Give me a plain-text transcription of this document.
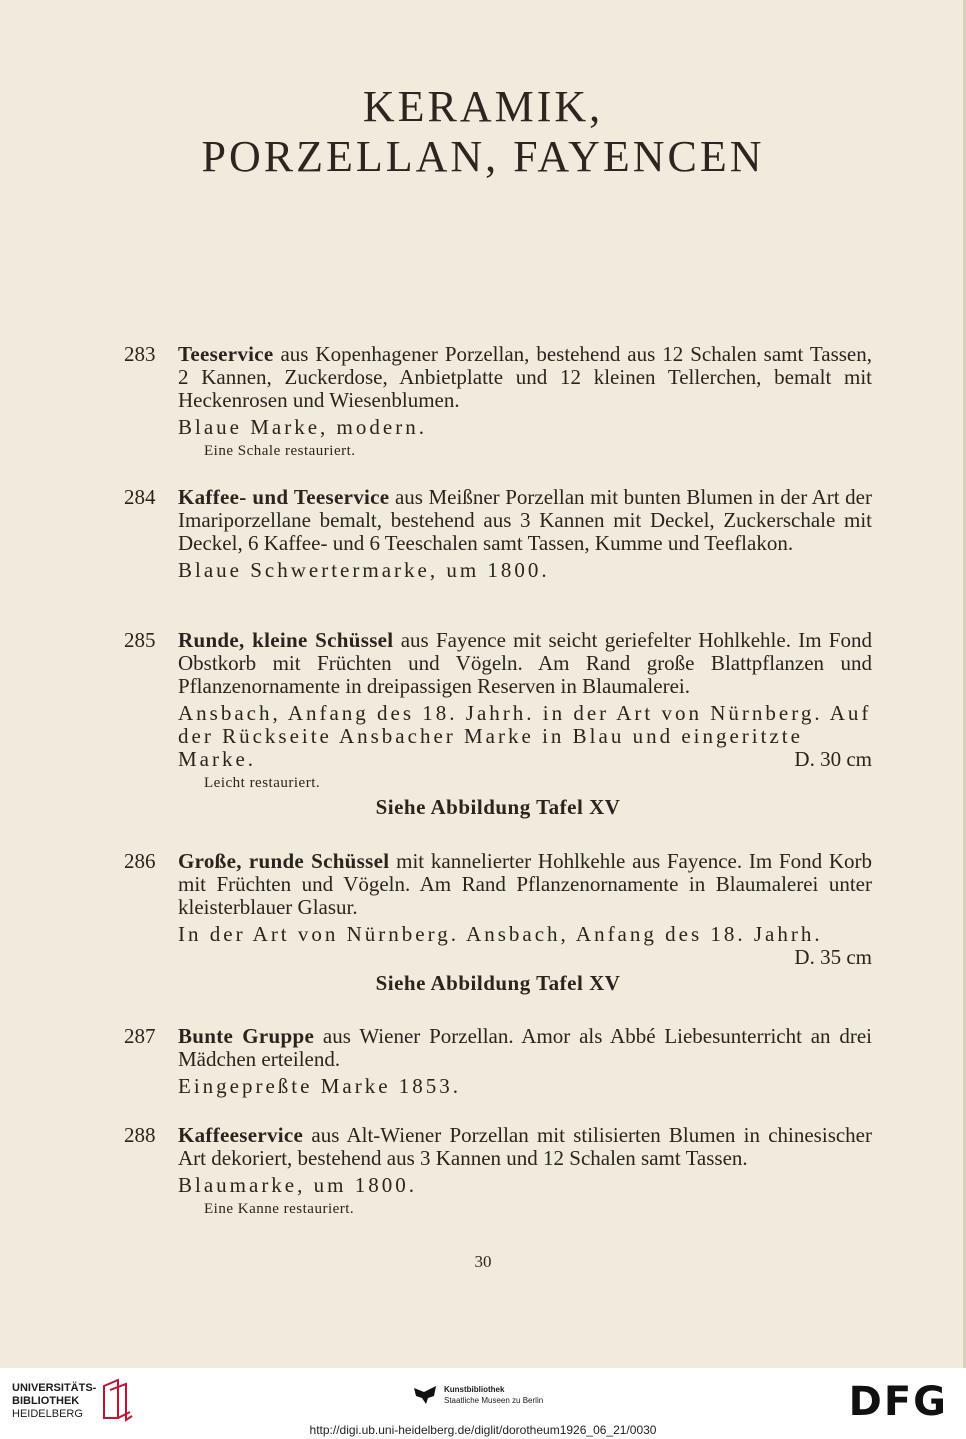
KERAMIK,
PORZELLAN, FAYENCEN
283 Teeservice aus Kopenhagener Porzellan, bestehend aus 12 Schalen samt Tassen, 2 Kannen, Zuckerdose, Anbietplatte und 12 kleinen Tellerchen, bemalt mit Heckenrosen und Wiesenblumen.

Blaue Marke, modern.

Eine Schale restauriert.

284 Kaffee- und Teeservice aus Meißner Porzellan mit bunten Blumen in der Art der Imariporzellane bemalt, bestehend aus 3 Kannen mit Deckel, Zuckerschale mit Deckel, 6 Kaffee- und 6 Teeschalen samt Tassen, Kumme und Teeflakon.

Blaue Schwertermarke, um 1800.

285 Runde, kleine Schüssel aus Fayence mit seicht geriefelter Hohlkehle. Im Fond Obstkorb mit Früchten und Vögeln. Am Rand große Blattpflanzen und Pflanzenornamente in dreipassigen Reserven in Blaumalerei.

Ansbach, Anfang des 18. Jahrh. in der Art von Nürnberg. Auf der Rückseite Ansbacher Marke in Blau und eingeritzte Marke.	D. 30 cm

Leicht restauriert.

Siehe Abbildung Tafel XV

286 Große, runde Schüssel mit kannelierter Hohlkehle aus Fayence. Im Fond Korb mit Früchten und Vögeln. Am Rand Pflanzenornamente in Blaumalerei unter kleisterblauer Glasur.

In der Art von Nürnberg. Ansbach, Anfang des 18. Jahrh.

D. 35 cm

Siehe Abbildung Tafel XV

287 Bunte Gruppe aus Wiener Porzellan. Amor als Abbé Liebesunterricht an drei Mädchen erteilend.

Eingepreßte Marke 1853.

288 Kaffeeservice aus Alt-Wiener Porzellan mit stilisierten Blumen in chinesischer Art dekoriert, bestehend aus 3 Kannen und 12 Schalen samt Tassen.

Blaumarke, um 1800.

Eine Kanne restauriert.

30
UNIVERSITÄTS-
BIBLIOTHEK
HEIDELBERG
Kunstbibliothek
Staatliche Museen zu Berlin	DFG
http://digi.ub.uni-heidelberg.de/diglit/dorotheum1926_06_21/0030
